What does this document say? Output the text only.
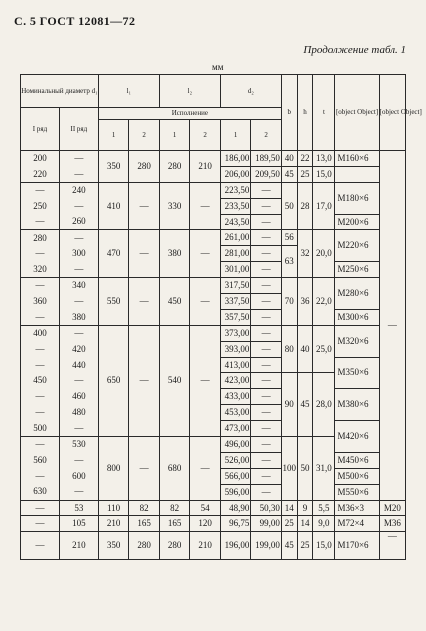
С. 5 ГОСТ 12081—72
Продолжение табл. 1
мм
Номинальный диаметр d₁		l₁		l₂		d₂		b	h	t	[object Object]	[object Object]
I ряд	II ряд	Исполнение										
		1	2	1	2	1	2					
200	—	350	280	280	210	186,00	189,50	40	22	13,0	M160×6	—
220	—					206,00	209,50	45	25	15,0		
—	240	410	—	330	—	223,50	—	50	28	17,0	M180×6	
250	—					233,50	—					
—	260					243,50	—				M200×6	
280	—	470	—	380	—	261,00	—	56	32	20,0	M220×6	
—	300					281,00	—	63				
320	—					301,00	—				M250×6	
—	340	550	—	450	—	317,50	—	70	36	22,0	M280×6	
360	—					337,50	—					
—	380					357,50	—				M300×6	
400	—	650	—	540	—	373,00	—	80	40	25,0	M320×6	
—	420					393,00	—					
—	440					413,00	—				M350×6	
450	—					423,00	—	90	45	28,0		
—	460					433,00	—				M380×6	
—	480					453,00	—					
500	—					473,00	—				M420×6	
—	530	800	—	680	—	496,00	—	100	50	31,0		
560	—					526,00	—				M450×6	
—	600					566,00	—				M500×6	
630	—					596,00	—				M550×6	
—	53	110	82	82	54	48,90	50,30	14	9	5,5	M36×3	M20
—	105	210	165	165	120	96,75	99,00	25	14	9,0	M72×4	M36
—	210	350	280	280	210	196,00	199,00	45	25	15,0	M170×6	—
